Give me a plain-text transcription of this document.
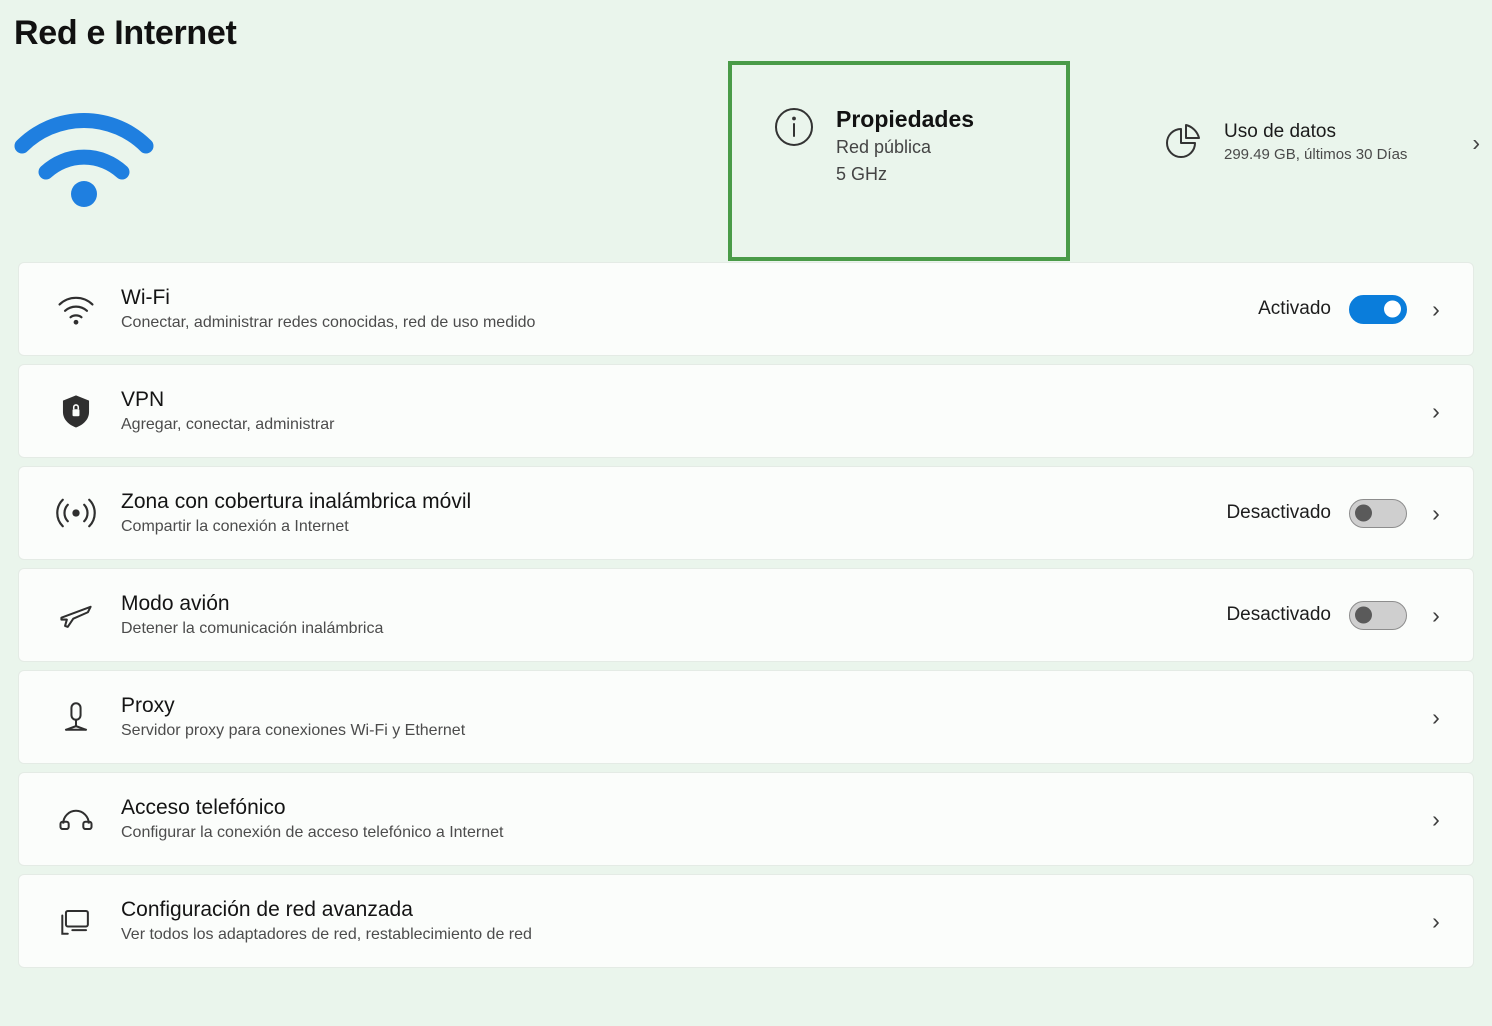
Red e Internet
Propiedades
Red pública
5 GHz
Uso de datos
299.49 GB, últimos 30 Días	›
Wi-Fi
Conectar, administrar redes conocidas, red de uso medido
Activado	›
VPN
Agregar, conectar, administrar
›
Zona con cobertura inalámbrica móvil
Compartir la conexión a Internet
Desactivado	›
Modo avión
Detener la comunicación inalámbrica
Desactivado	›
Proxy
Servidor proxy para conexiones Wi-Fi y Ethernet
›
Acceso telefónico
Configurar la conexión de acceso telefónico a Internet
›
Configuración de red avanzada
Ver todos los adaptadores de red, restablecimiento de red
›
